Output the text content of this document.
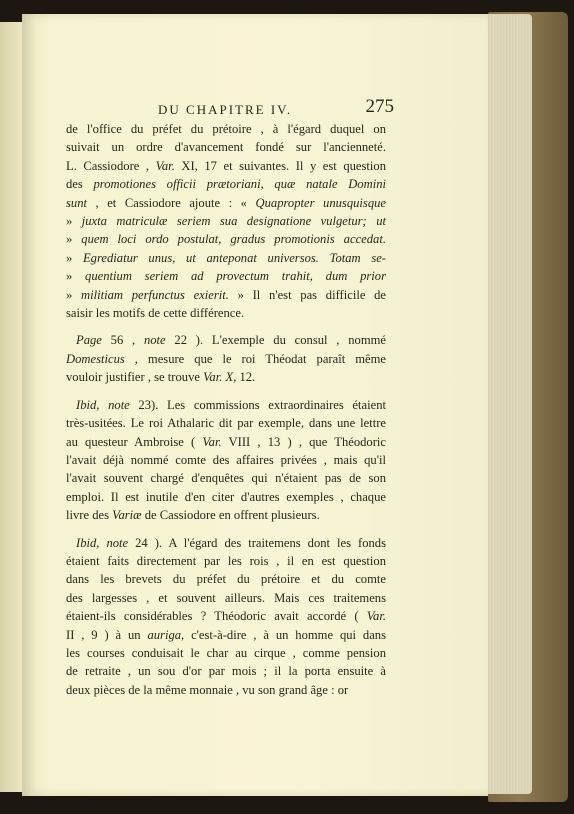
DU CHAPITRE IV.	275
de l'office du préfet du prétoire , à l'égard duquel on
suivait un ordre d'avancement fondé sur l'ancienneté.
L. Cassiodore , Var. XI, 17 et suivantes. Il y est question
des promotiones officii prætoriani, quæ natale Domini
sunt , et Cassiodore ajoute : « Quapropter unusquisque
» juxta matriculæ seriem sua designatione vulgetur; ut
» quem loci ordo postulat, gradus promotionis accedat.
» Egrediatur unus, ut anteponat universos. Totam se-
» quentium seriem ad provectum trahit, dum prior
» militiam perfunctus exierit. » Il n'est pas difficile de
saisir les motifs de cette différence.
Page 56 , note 22 ). L'exemple du consul , nommé
Domesticus , mesure que le roi Théodat paraît même
vouloir justifier , se trouve Var. X, 12.
Ibid, note 23). Les commissions extraordinaires étaient
très-usitées. Le roi Athalaric dit par exemple, dans une lettre
au questeur Ambroise ( Var. VIII , 13 ) , que Théodoric
l'avait déjà nommé comte des affaires privées , mais qu'il
l'avait souvent chargé d'enquêtes qui n'étaient pas de son
emploi. Il est inutile d'en citer d'autres exemples , chaque
livre des Variæ de Cassiodore en offrent plusieurs.
Ibid, note 24 ). A l'égard des traitemens dont les fonds
étaient faits directement par les rois , il en est question
dans les brevets du préfet du prétoire et du comte
des largesses , et souvent ailleurs. Mais ces traitemens
étaient-ils considérables ? Théodoric avait accordé ( Var.
II , 9 ) à un auriga, c'est-à-dire , à un homme qui dans
les courses conduisait le char au cirque , comme pension
de retraite , un sou d'or par mois ; il la porta ensuite à
deux pièces de la même monnaie , vu son grand âge : or
